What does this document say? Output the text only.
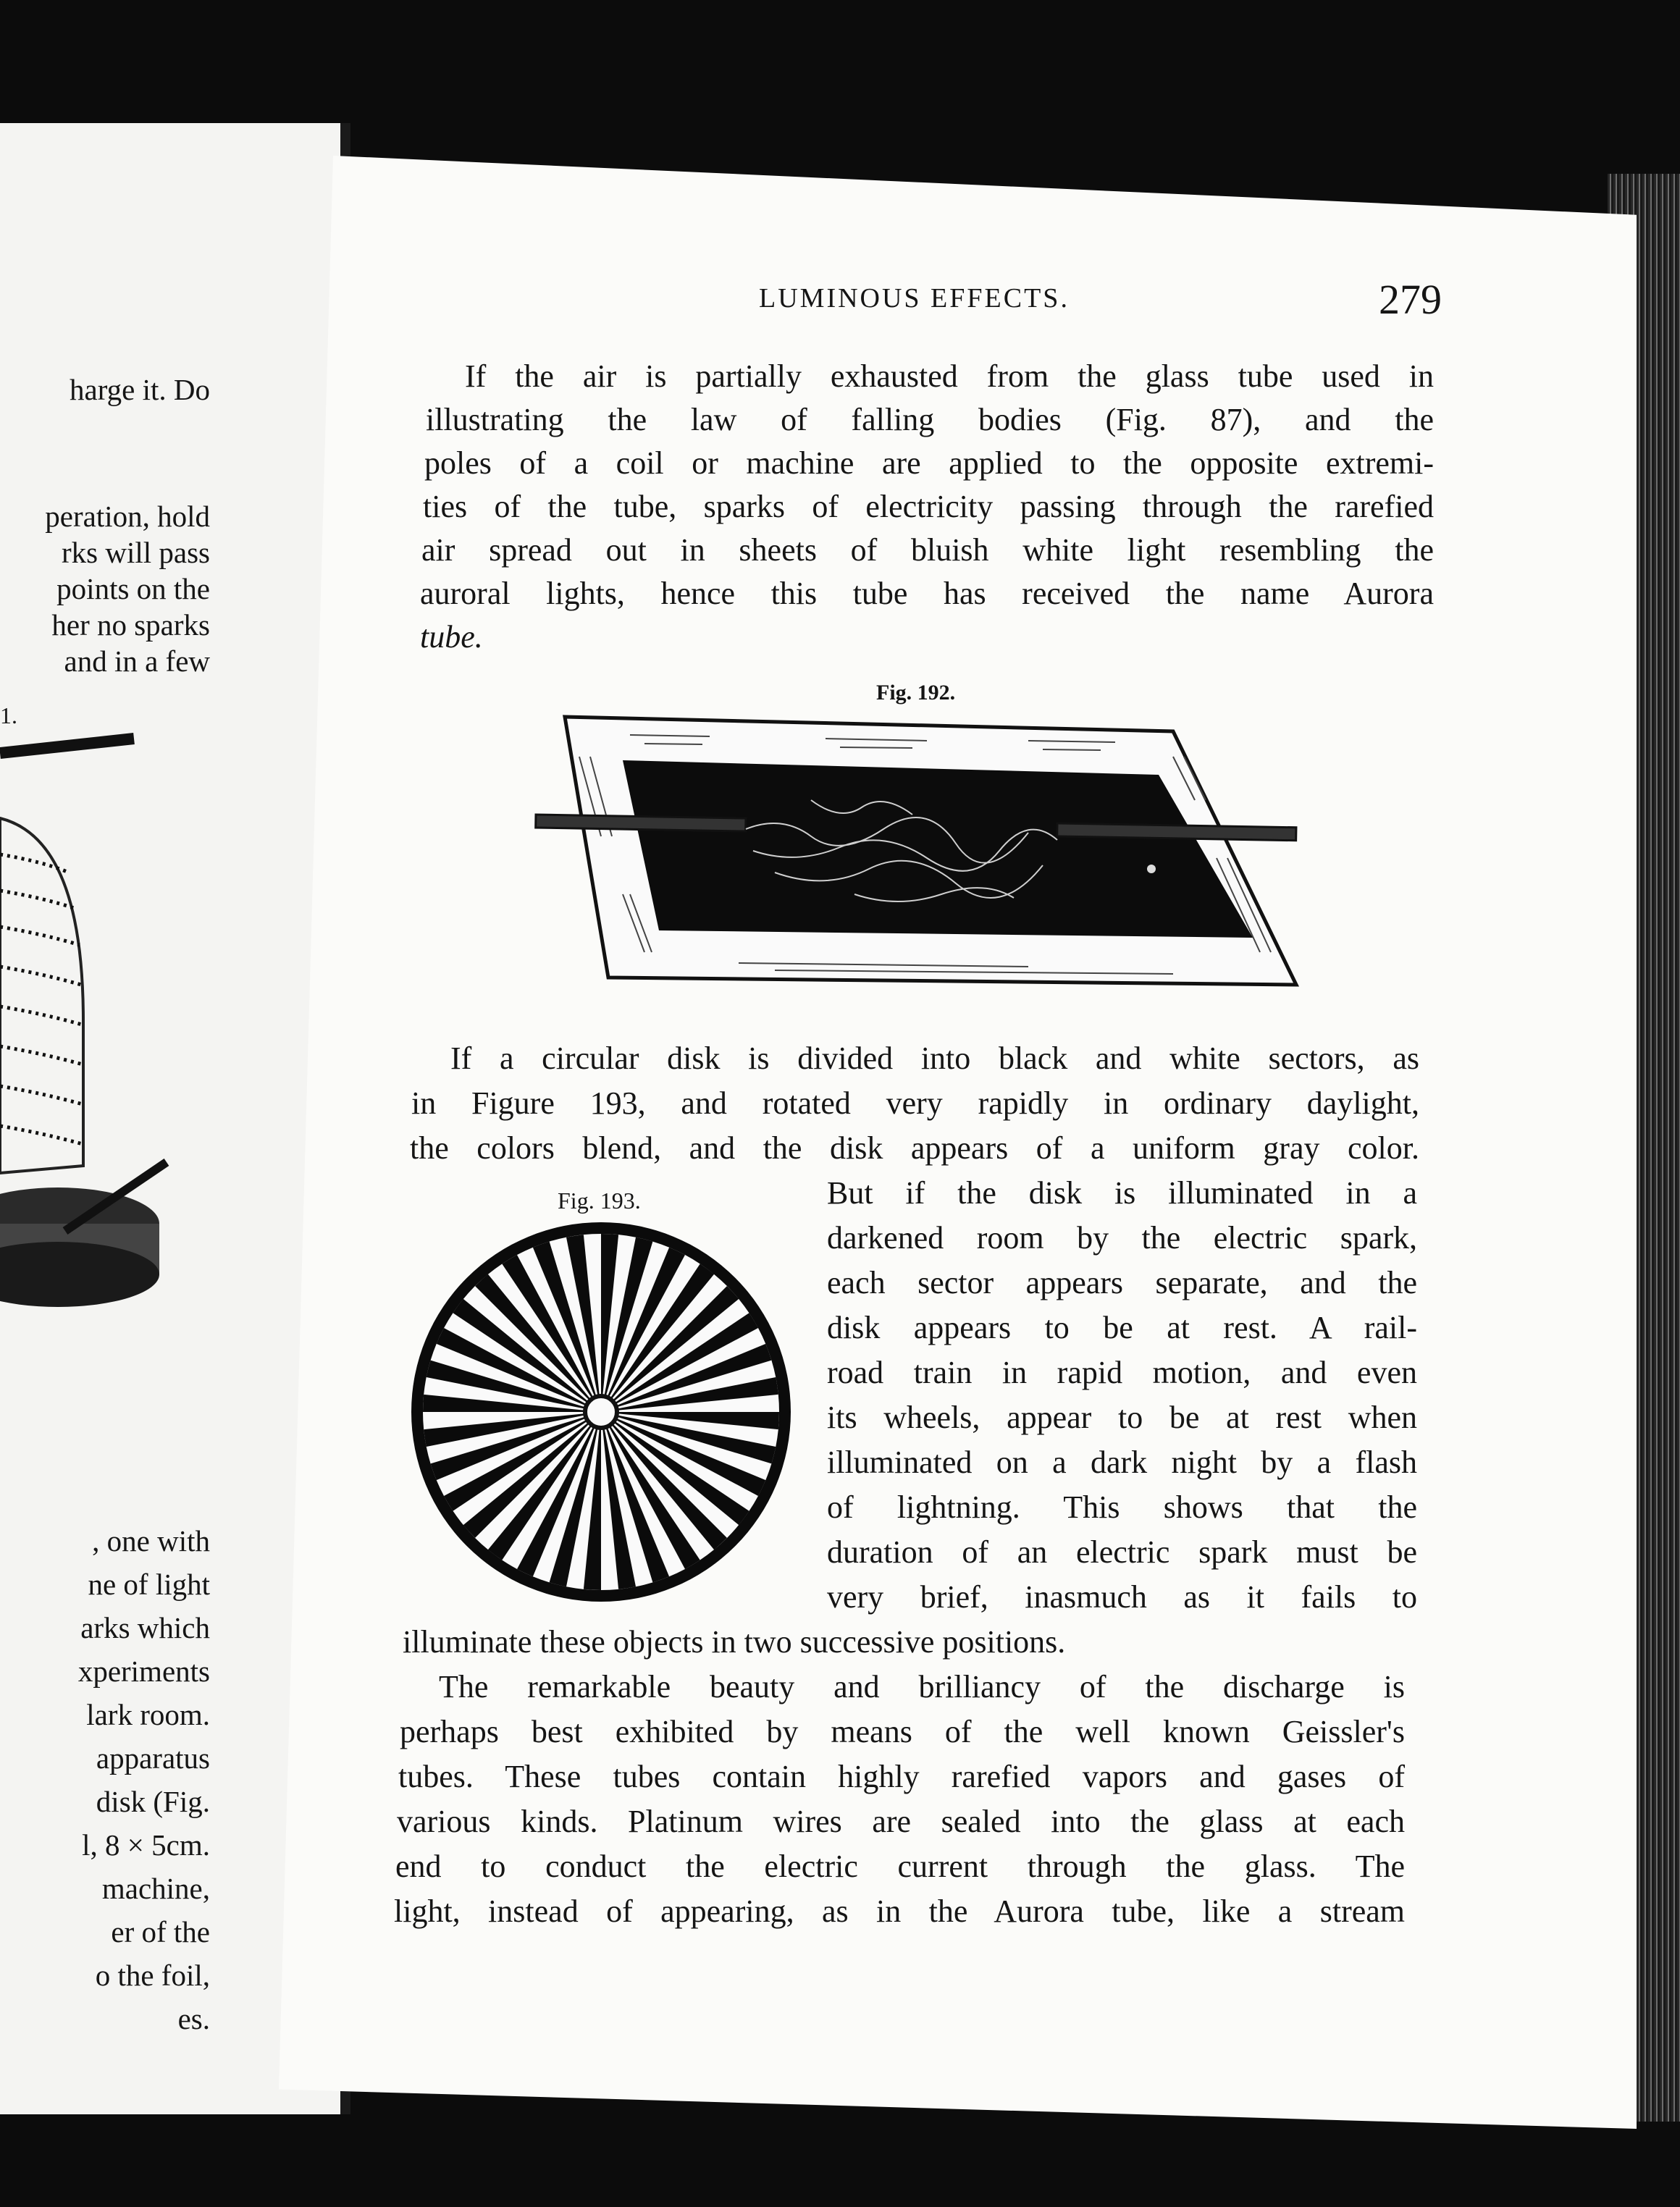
harge it. Do
peration, hold
rks will pass
points on the
her no sparks
and in a few
1.
, one with
ne of light
arks which
xperiments
lark room.
apparatus
disk (Fig.
l, 8 × 5cm.
machine,
er of the
o the foil,
es.
LUMINOUS EFFECTS.	279
If the air is partially exhausted from the glass tube used in
illustrating the law of falling bodies (Fig. 87), and the
poles of a coil or machine are applied to the opposite extremi-
ties of the tube, sparks of electricity passing through the rarefied
air spread out in sheets of bluish white light resembling the
auroral lights, hence this tube has received the name Aurora
tube.
Fig. 192.
If a circular disk is divided into black and white sectors, as
in Figure 193, and rotated very rapidly in ordinary daylight,
the colors blend, and the disk appears of a uniform gray color.
Fig. 193.	But if the disk is illuminated in a
darkened room by the electric spark,
each sector appears separate, and the
disk appears to be at rest. A rail-
road train in rapid motion, and even
its wheels, appear to be at rest when
illuminated on a dark night by a flash
of lightning. This shows that the
duration of an electric spark must be
very brief, inasmuch as it fails to
illuminate these objects in two successive positions.
The remarkable beauty and brilliancy of the discharge is
perhaps best exhibited by means of the well known Geissler's
tubes. These tubes contain highly rarefied vapors and gases of
various kinds. Platinum wires are sealed into the glass at each
end to conduct the electric current through the glass. The
light, instead of appearing, as in the Aurora tube, like a stream
